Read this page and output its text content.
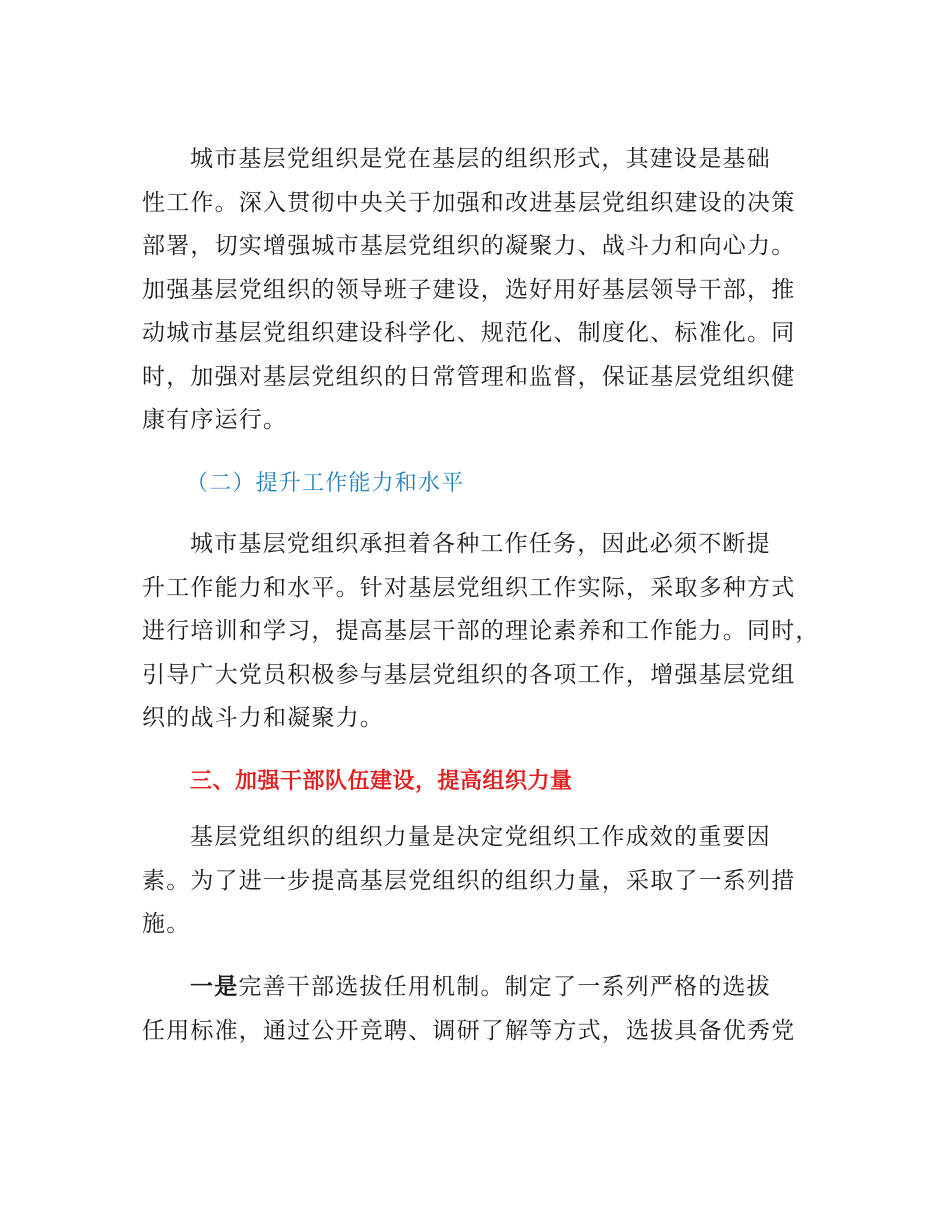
城市基层党组织是党在基层的组织形式，其建设是基础
性工作。深入贯彻中央关于加强和改进基层党组织建设的决策
部署，切实增强城市基层党组织的凝聚力、战斗力和向心力。
加强基层党组织的领导班子建设，选好用好基层领导干部，推
动城市基层党组织建设科学化、规范化、制度化、标准化。同
时，加强对基层党组织的日常管理和监督，保证基层党组织健
康有序运行。
（二）提升工作能力和水平
城市基层党组织承担着各种工作任务，因此必须不断提
升工作能力和水平。针对基层党组织工作实际，采取多种方式
进行培训和学习，提高基层干部的理论素养和工作能力。同时，
引导广大党员积极参与基层党组织的各项工作，增强基层党组
织的战斗力和凝聚力。
三、加强干部队伍建设，提高组织力量
基层党组织的组织力量是决定党组织工作成效的重要因
素。为了进一步提高基层党组织的组织力量，采取了一系列措
施。
一是完善干部选拔任用机制。制定了一系列严格的选拔
任用标准，通过公开竞聘、调研了解等方式，选拔具备优秀党
